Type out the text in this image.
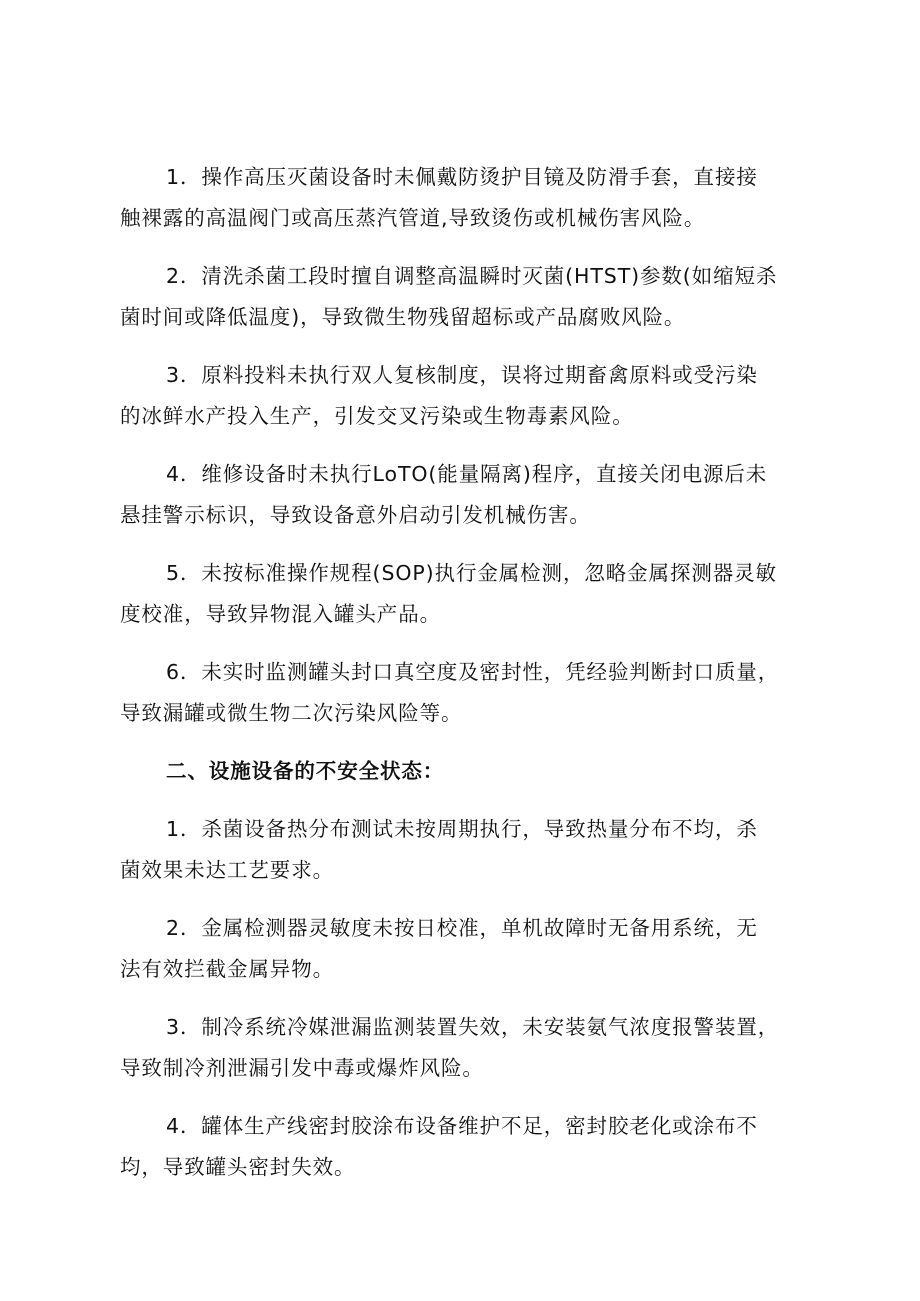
1．操作高压灭菌设备时未佩戴防烫护目镜及防滑手套，直接接
触裸露的高温阀门或高压蒸汽管道,导致烫伤或机械伤害风险。
2．清洗杀菌工段时擅自调整高温瞬时灭菌(HTST)参数(如缩短杀
菌时间或降低温度)，导致微生物残留超标或产品腐败风险。
3．原料投料未执行双人复核制度，误将过期畜禽原料或受污染
的冰鲜水产投入生产，引发交叉污染或生物毒素风险。
4．维修设备时未执行LoTO(能量隔离)程序，直接关闭电源后未
悬挂警示标识，导致设备意外启动引发机械伤害。
5．未按标准操作规程(SOP)执行金属检测，忽略金属探测器灵敏
度校准，导致异物混入罐头产品。
6．未实时监测罐头封口真空度及密封性，凭经验判断封口质量，
导致漏罐或微生物二次污染风险等。
二、设施设备的不安全状态：
1．杀菌设备热分布测试未按周期执行，导致热量分布不均，杀
菌效果未达工艺要求。
2．金属检测器灵敏度未按日校准，单机故障时无备用系统，无
法有效拦截金属异物。
3．制冷系统冷媒泄漏监测装置失效，未安装氨气浓度报警装置，
导致制冷剂泄漏引发中毒或爆炸风险。
4．罐体生产线密封胶涂布设备维护不足，密封胶老化或涂布不
均，导致罐头密封失效。
